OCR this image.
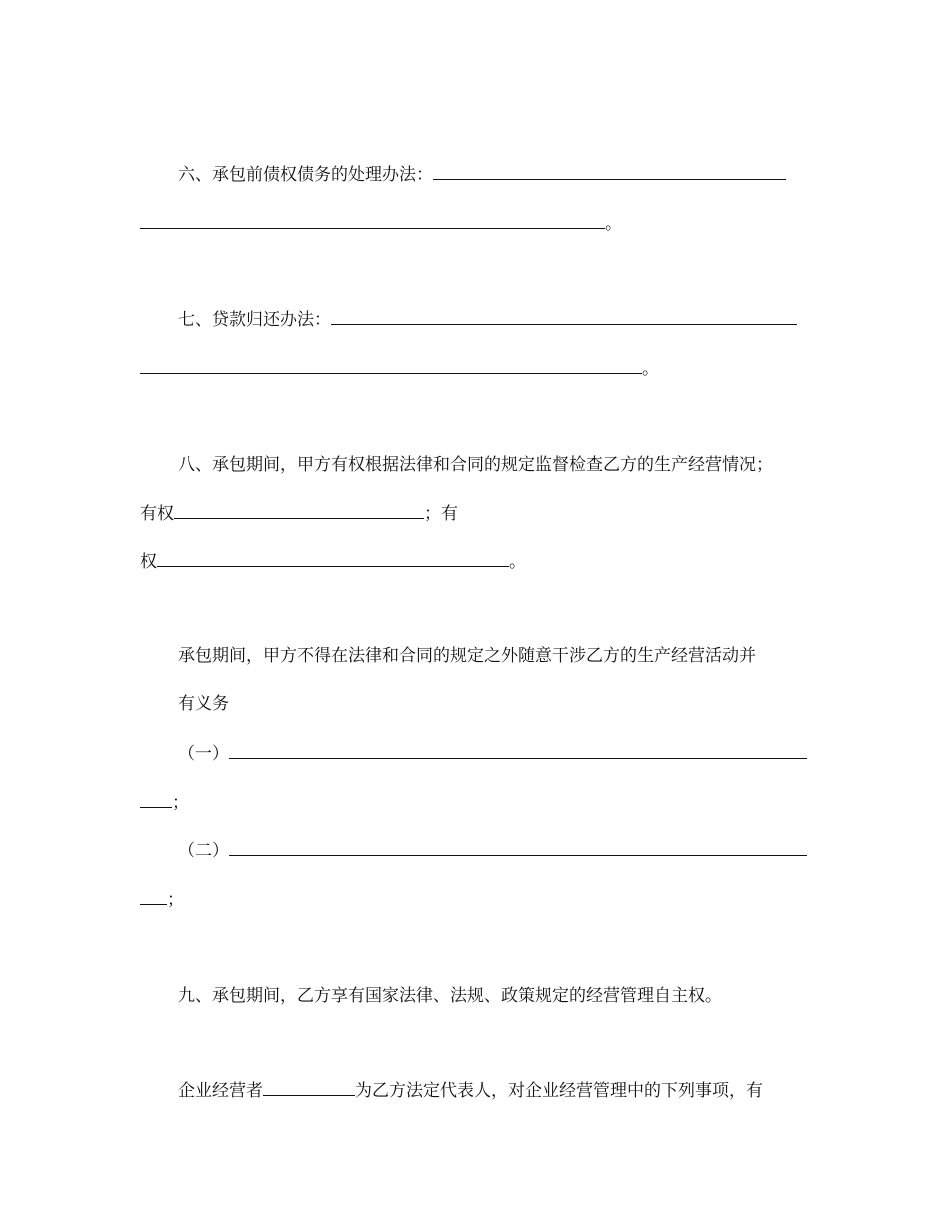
六、承包前债权债务的处理办法：
。
七、贷款归还办法：
。
八、承包期间，甲方有权根据法律和合同的规定监督检查乙方的生产经营情况；
有权	；有
权	。
承包期间，甲方不得在法律和合同的规定之外随意干涉乙方的生产经营活动并
有义务
（一）
；
（二）
；
九、承包期间，乙方享有国家法律、法规、政策规定的经营管理自主权。
企业经营者	为乙方法定代表人，对企业经营管理中的下列事项，有
